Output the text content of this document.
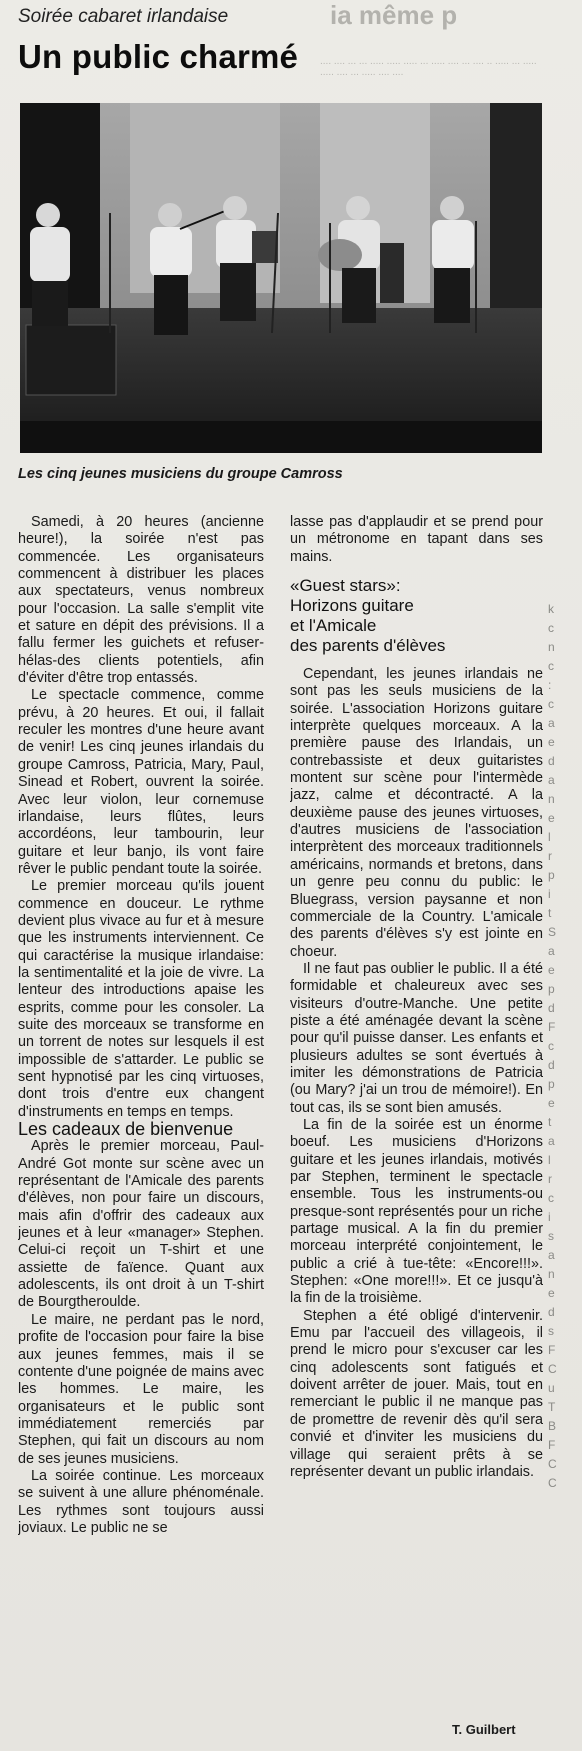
ia même p
.... .... ... ... ..... ..... ..... ... ..... .... ... .... .. ..... ... ..... ..... .... ... ..... .... ....
Soirée cabaret irlandaise
Un public charmé
Les cinq jeunes musiciens du groupe Camross

Samedi, à 20 heures (ancienne heure!), la soirée n'est pas commencée. Les organisateurs commencent à distribuer les places aux spectateurs, venus nombreux pour l'occasion. La salle s'emplit vite et sature en dépit des prévisions. Il a fallu fermer les guichets et refuser-hélas-des clients potentiels, afin d'éviter d'être trop entassés.

Le spectacle commence, comme prévu, à 20 heures. Et oui, il fallait reculer les montres d'une heure avant de venir! Les cinq jeunes irlandais du groupe Camross, Patricia, Mary, Paul, Sinead et Robert, ouvrent la soirée. Avec leur violon, leur cornemuse irlandaise, leurs flûtes, leurs accordéons, leur tambourin, leur guitare et leur banjo, ils vont faire rêver le public pendant toute la soirée.

Le premier morceau qu'ils jouent commence en douceur. Le rythme devient plus vivace au fur et à mesure que les instruments interviennent. Ce qui caractérise la musique irlandaise: la sentimentalité et la joie de vivre. La lenteur des introductions apaise les esprits, comme pour les consoler. La suite des morceaux se transforme en un torrent de notes sur lesquels il est impossible de s'attarder. Le public se sent hypnotisé par les cinq virtuoses, dont trois d'entre eux changent d'instruments en temps en temps.

Les cadeaux de bienvenue

Après le premier morceau, Paul-André Got monte sur scène avec un représentant de l'Amicale des parents d'élèves, non pour faire un discours, mais afin d'offrir des cadeaux aux jeunes et à leur «manager» Stephen. Celui-ci reçoit un T-shirt et une assiette de faïence. Quant aux adolescents, ils ont droit à un T-shirt de Bourgtheroulde.

Le maire, ne perdant pas le nord, profite de l'occasion pour faire la bise aux jeunes femmes, mais il se contente d'une poignée de mains avec les hommes. Le maire, les organisateurs et le public sont immédiatement remerciés par Stephen, qui fait un discours au nom de ses jeunes musiciens.

La soirée continue. Les morceaux se suivent à une allure phénoménale. Les rythmes sont toujours aussi joviaux. Le public ne se

lasse pas d'applaudir et se prend pour un métronome en tapant dans ses mains.

«Guest stars»:
Horizons guitare
et l'Amicale
des parents d'élèves

Cependant, les jeunes irlandais ne sont pas les seuls musiciens de la soirée. L'association Horizons guitare interprète quelques morceaux. A la première pause des Irlandais, un contrebassiste et deux guitaristes montent sur scène pour l'intermède jazz, calme et décontracté. A la deuxième pause des jeunes virtuoses, d'autres musiciens de l'association interprètent des morceaux traditionnels américains, normands et bretons, dans un genre peu connu du public: le Bluegrass, version paysanne et non commerciale de la Country. L'amicale des parents d'élèves s'y est jointe en choeur.

Il ne faut pas oublier le public. Il a été formidable et chaleureux avec ses visiteurs d'outre-Manche. Une petite piste a été aménagée devant la scène pour qu'il puisse danser. Les enfants et plusieurs adultes se sont évertués à imiter les démonstrations de Patricia (ou Mary? j'ai un trou de mémoire!). En tout cas, ils se sont bien amusés.

La fin de la soirée est un énorme boeuf. Les musiciens d'Horizons guitare et les jeunes irlandais, motivés par Stephen, terminent le spectacle ensemble. Tous les instruments-ou presque-sont représentés pour un riche partage musical. A la fin du premier morceau interprété conjointement, le public a crié à tue-tête: «Encore!!!». Stephen: «One more!!!». Et ce jusqu'à la fin de la troisième.

Stephen a été obligé d'intervenir. Emu par l'accueil des villageois, il prend le micro pour s'excuser car les cinq adolescents sont fatigués et doivent arrêter de jouer. Mais, tout en remerciant le public il ne manque pas de promettre de revenir dès qu'il sera convié et d'inviter les musiciens du village qui seraient prêts à se représenter devant un public irlandais.

T. Guilbert
k
c
n
c
:
c
a
e
d
a
n
e
l
r
p
i
t
S
a
e
p
d
F
c
d
p
e
t
a
l
r
c
i
s
a
n
e
d
s
F
C
u
T
B
F
C
C
